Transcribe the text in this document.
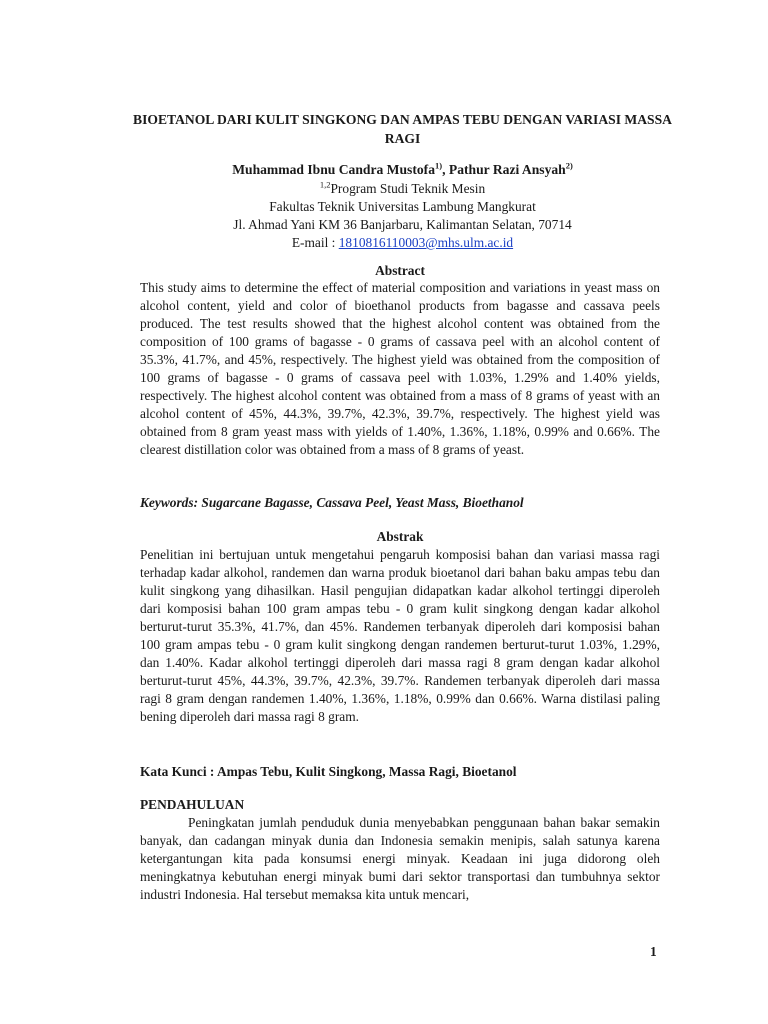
BIOETANOL DARI KULIT SINGKONG DAN AMPAS TEBU DENGAN VARIASI MASSA RAGI
Muhammad Ibnu Candra Mustofa$^{1)}$, Pathur Razi Ansyah$^{2)}$
$^{1,2}$Program Studi Teknik Mesin
Fakultas Teknik Universitas Lambung Mangkurat
Jl. Ahmad Yani KM 36 Banjarbaru, Kalimantan Selatan, 70714
E-mail : 1810816110003@mhs.ulm.ac.id
Abstract
This study aims to determine the effect of material composition and variations in yeast mass on alcohol content, yield and color of bioethanol products from bagasse and cassava peels produced. The test results showed that the highest alcohol content was obtained from the composition of 100 grams of bagasse - 0 grams of cassava peel with an alcohol content of 35.3%, 41.7%, and 45%, respectively. The highest yield was obtained from the composition of 100 grams of bagasse - 0 grams of cassava peel with 1.03%, 1.29% and 1.40% yields, respectively. The highest alcohol content was obtained from a mass of 8 grams of yeast with an alcohol content of 45%, 44.3%, 39.7%, 42.3%, 39.7%, respectively. The highest yield was obtained from 8 gram yeast mass with yields of 1.40%, 1.36%, 1.18%, 0.99% and 0.66%. The clearest distillation color was obtained from a mass of 8 grams of yeast.
Keywords: Sugarcane Bagasse, Cassava Peel, Yeast Mass, Bioethanol
Abstrak
Penelitian ini bertujuan untuk mengetahui pengaruh komposisi bahan dan variasi massa ragi terhadap kadar alkohol, randemen dan warna produk bioetanol dari bahan baku ampas tebu dan kulit singkong yang dihasilkan. Hasil pengujian didapatkan kadar alkohol tertinggi diperoleh dari komposisi bahan 100 gram ampas tebu - 0 gram kulit singkong dengan kadar alkohol berturut-turut 35.3%, 41.7%, dan 45%. Randemen terbanyak diperoleh dari komposisi bahan 100 gram ampas tebu - 0 gram kulit singkong dengan randemen berturut-turut 1.03%, 1.29%, dan 1.40%. Kadar alkohol tertinggi diperoleh dari massa ragi 8 gram dengan kadar alkohol berturut-turut 45%, 44.3%, 39.7%, 42.3%, 39.7%. Randemen terbanyak diperoleh dari massa ragi 8 gram dengan randemen 1.40%, 1.36%, 1.18%, 0.99% dan 0.66%. Warna distilasi paling bening diperoleh dari massa ragi 8 gram.
Kata Kunci : Ampas Tebu, Kulit Singkong, Massa Ragi, Bioetanol
PENDAHULUAN
Peningkatan jumlah penduduk dunia menyebabkan penggunaan bahan bakar semakin banyak, dan cadangan minyak dunia dan Indonesia semakin menipis, salah satunya karena ketergantungan kita pada konsumsi energi minyak. Keadaan ini juga didorong oleh meningkatnya kebutuhan energi minyak bumi dari sektor transportasi dan tumbuhnya sektor industri Indonesia. Hal tersebut memaksa kita untuk mencari,
1
